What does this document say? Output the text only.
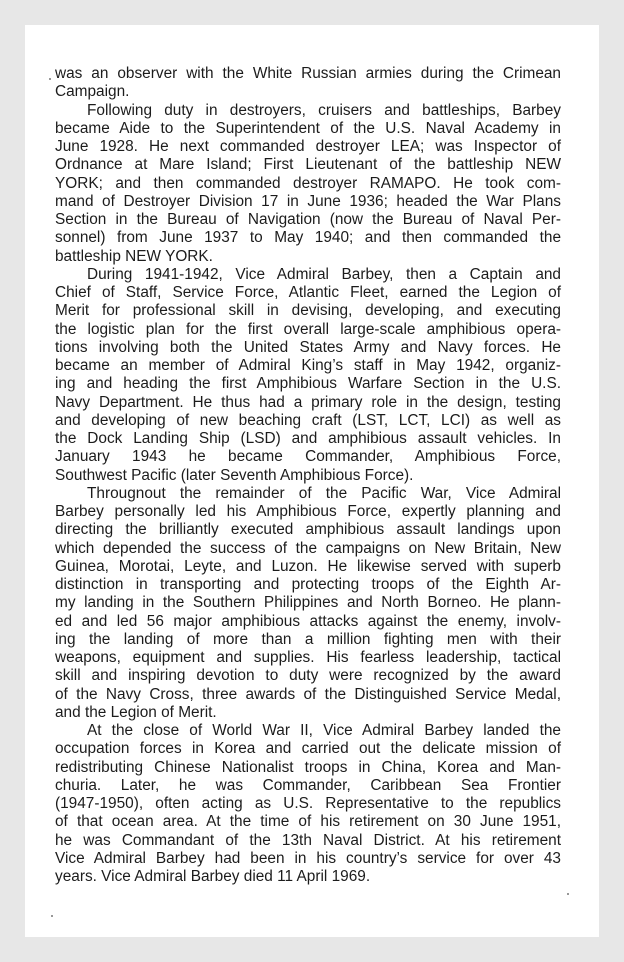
was an observer with the White Russian armies during the Crimean
Campaign.

Following duty in destroyers, cruisers and battleships, Barbey
became Aide to the Superintendent of the U.S. Naval Academy in
June 1928. He next commanded destroyer LEA; was Inspector of
Ordnance at Mare Island; First Lieutenant of the battleship NEW
YORK; and then commanded destroyer RAMAPO. He took com-
mand of Destroyer Division 17 in June 1936; headed the War Plans
Section in the Bureau of Navigation (now the Bureau of Naval Per-
sonnel) from June 1937 to May 1940; and then commanded the
battleship NEW YORK.

During 1941-1942, Vice Admiral Barbey, then a Captain and
Chief of Staff, Service Force, Atlantic Fleet, earned the Legion of
Merit for professional skill in devising, developing, and executing
the logistic plan for the first overall large-scale amphibious opera-
tions involving both the United States Army and Navy forces. He
became an member of Admiral King’s staff in May 1942, organiz-
ing and heading the first Amphibious Warfare Section in the U.S.
Navy Department. He thus had a primary role in the design, testing
and developing of new beaching craft (LST, LCT, LCI) as well as
the Dock Landing Ship (LSD) and amphibious assault vehicles. In
January 1943 he became Commander, Amphibious Force,
Southwest Pacific (later Seventh Amphibious Force).

Througnout the remainder of the Pacific War, Vice Admiral
Barbey personally led his Amphibious Force, expertly planning and
directing the brilliantly executed amphibious assault landings upon
which depended the success of the campaigns on New Britain, New
Guinea, Morotai, Leyte, and Luzon. He likewise served with superb
distinction in transporting and protecting troops of the Eighth Ar-
my landing in the Southern Philippines and North Borneo. He plann-
ed and led 56 major amphibious attacks against the enemy, involv-
ing the landing of more than a million fighting men with their
weapons, equipment and supplies. His fearless leadership, tactical
skill and inspiring devotion to duty were recognized by the award
of the Navy Cross, three awards of the Distinguished Service Medal,
and the Legion of Merit.

At the close of World War II, Vice Admiral Barbey landed the
occupation forces in Korea and carried out the delicate mission of
redistributing Chinese Nationalist troops in China, Korea and Man-
churia. Later, he was Commander, Caribbean Sea Frontier
(1947-1950), often acting as U.S. Representative to the republics
of that ocean area. At the time of his retirement on 30 June 1951,
he was Commandant of the 13th Naval District. At his retirement
Vice Admiral Barbey had been in his country’s service for over 43
years. Vice Admiral Barbey died 11 April 1969.
